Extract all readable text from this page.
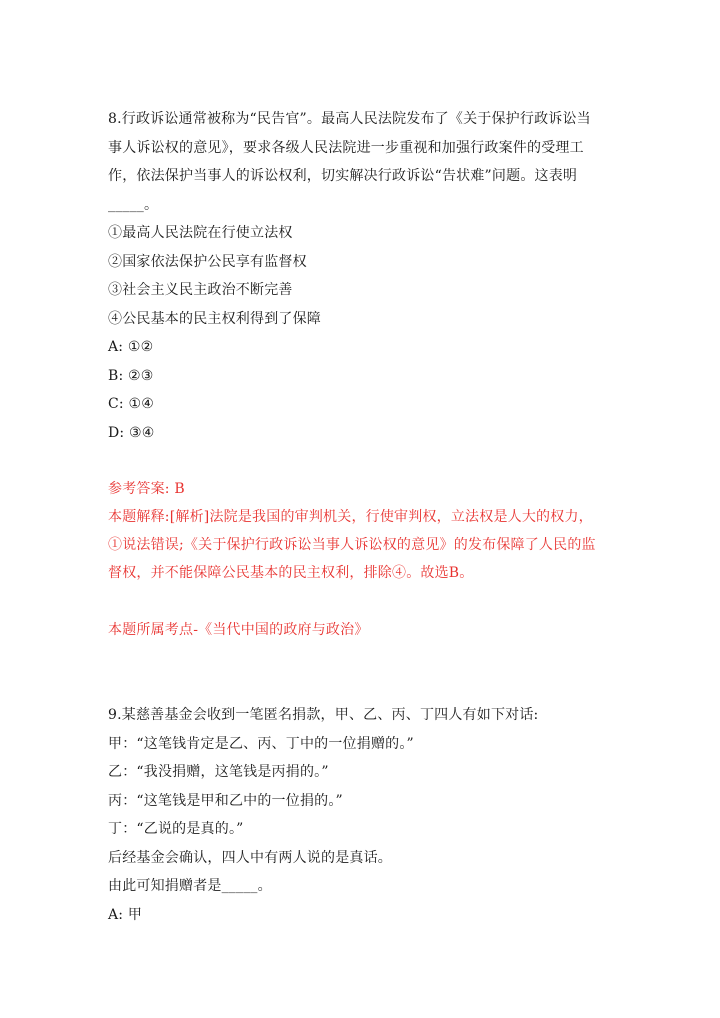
8.行政诉讼通常被称为“民告官”。最高人民法院发布了《关于保护行政诉讼当
事人诉讼权的意见》，要求各级人民法院进一步重视和加强行政案件的受理工
作，依法保护当事人的诉讼权利，切实解决行政诉讼“告状难”问题。这表明
_____。
①最高人民法院在行使立法权
②国家依法保护公民享有监督权
③社会主义民主政治不断完善
④公民基本的民主权利得到了保障
A: ①②
B: ②③
C: ①④
D: ③④
参考答案: B
本题解释:[解析]法院是我国的审判机关，行使审判权，立法权是人大的权力，
①说法错误;《关于保护行政诉讼当事人诉讼权的意见》的发布保障了人民的监
督权，并不能保障公民基本的民主权利，排除④。故选B。
本题所属考点-《当代中国的政府与政治》
9.某慈善基金会收到一笔匿名捐款，甲、乙、丙、丁四人有如下对话:
甲：“这笔钱肯定是乙、丙、丁中的一位捐赠的。”
乙：“我没捐赠，这笔钱是丙捐的。”
丙：“这笔钱是甲和乙中的一位捐的。”
丁：“乙说的是真的。”
后经基金会确认，四人中有两人说的是真话。
由此可知捐赠者是_____。
A: 甲
